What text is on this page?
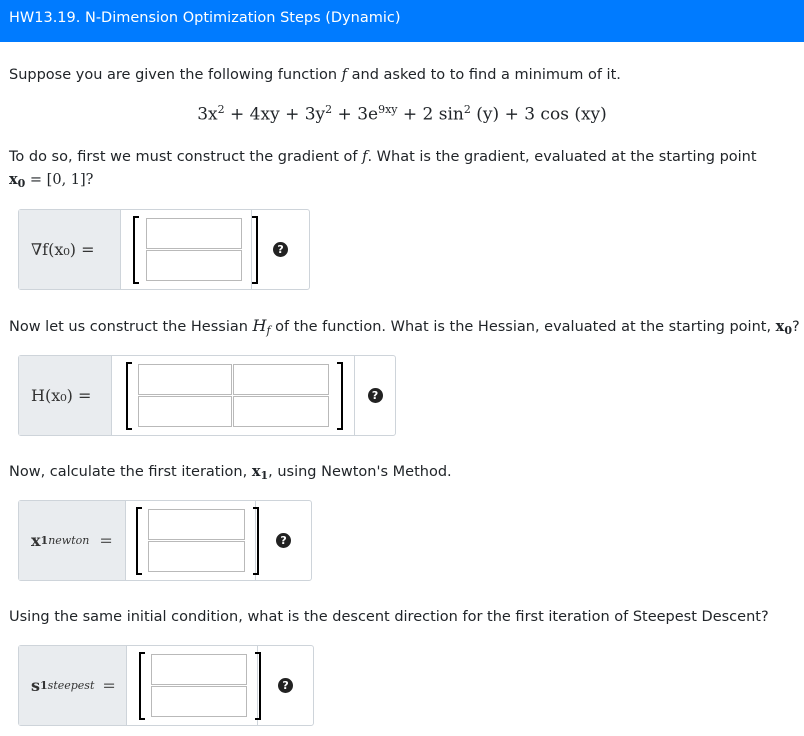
HW13.19. N-Dimension Optimization Steps (Dynamic)
Suppose you are given the following function f and asked to to find a minimum of it.
$3x^2 + 4xy + 3y^2 + 3e^{9xy} + 2$ $\sin^2 (y) + 3$ cos (xy)
To do so, first we must construct the gradient of f. What is the gradient, evaluated at the starting point
$x_0 = [0$, 1]?
∇f(x₀) =	?
Now let us construct the Hessian $H_f$ of the function. What is the Hessian, evaluated at the starting point, $x_0$?
H(x₀) =	?
Now, calculate the first iteration, $x_1$, using Newton's Method.
x 1 newton =	?
Using the same initial condition, what is the descent direction for the first iteration of Steepest Descent?
s 1 steepest =	?
